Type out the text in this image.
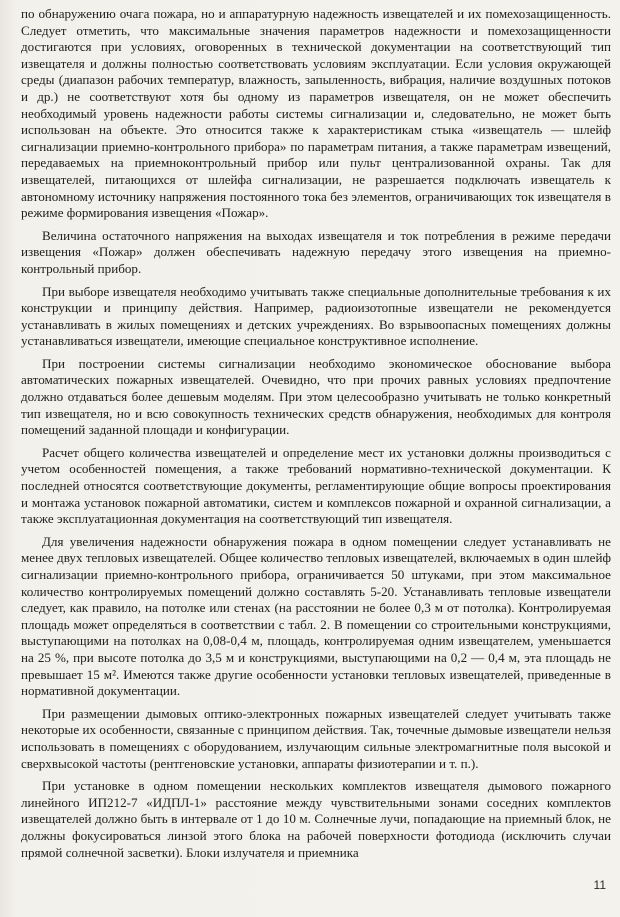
по обнаружению очага пожара, но и аппаратурную надежность извещателей и их помехозащищенность. Следует отметить, что максимальные значения параметров надежности и помехозащищенности достигаются при условиях, оговоренных в технической документации на соответствующий тип извещателя и должны полностью соответствовать условиям эксплуатации. Если условия окружающей среды (диапазон рабочих температур, влажность, запыленность, вибрация, наличие воздушных потоков и др.) не соответствуют хотя бы одному из параметров извещателя, он не может обеспечить необходимый уровень надежности работы системы сигнализации и, следовательно, не может быть использован на объекте. Это относится также к характеристикам стыка «извещатель — шлейф сигнализации приемно-контрольного прибора» по параметрам питания, а также параметрам извещений, передаваемых на приемноконтрольный прибор или пульт централизованной охраны. Так для извещателей, питающихся от шлейфа сигнализации, не разрешается подключать извещатель к автономному источнику напряжения постоянного тока без элементов, ограничивающих ток извещателя в режиме формирования извещения «Пожар».

Величина остаточного напряжения на выходах извещателя и ток потребления в режиме передачи извещения «Пожар» должен обеспечивать надежную передачу этого извещения на приемно-контрольный прибор.

При выборе извещателя необходимо учитывать также специальные дополнительные требования к их конструкции и принципу действия. Например, радиоизотопные извещатели не рекомендуется устанавливать в жилых помещениях и детских учреждениях. Во взрывоопасных помещениях должны устанавливаться извещатели, имеющие специальное конструктивное исполнение.

При построении системы сигнализации необходимо экономическое обоснование выбора автоматических пожарных извещателей. Очевидно, что при прочих равных условиях предпочтение должно отдаваться более дешевым моделям. При этом целесообразно учитывать не только конкретный тип извещателя, но и всю совокупность технических средств обнаружения, необходимых для контроля помещений заданной площади и конфигурации.

Расчет общего количества извещателей и определение мест их установки должны производиться с учетом особенностей помещения, а также требований нормативно-технической документации. К последней относятся соответствующие документы, регламентирующие общие вопросы проектирования и монтажа установок пожарной автоматики, систем и комплексов пожарной и охранной сигнализации, а также эксплуатационная документация на соответствующий тип извещателя.

Для увеличения надежности обнаружения пожара в одном помещении следует устанавливать не менее двух тепловых извещателей. Общее количество тепловых извещателей, включаемых в один шлейф сигнализации приемно-контрольного прибора, ограничивается 50 штуками, при этом максимальное количество контролируемых помещений должно составлять 5-20. Устанавливать тепловые извещатели следует, как правило, на потолке или стенах (на расстоянии не более 0,3 м от потолка). Контролируемая площадь может определяться в соответствии с табл. 2. В помещении со строительными конструкциями, выступающими на потолках на 0,08-0,4 м, площадь, контролируемая одним извещателем, уменьшается на 25 %, при высоте потолка до 3,5 м и конструкциями, выступающими на 0,2 — 0,4 м, эта площадь не превышает 15 м². Имеются также другие особенности установки тепловых извещателей, приведенные в нормативной документации.

При размещении дымовых оптико-электронных пожарных извещателей следует учитывать также некоторые их особенности, связанные с принципом действия. Так, точечные дымовые извещатели нельзя использовать в помещениях с оборудованием, излучающим сильные электромагнитные поля высокой и сверхвысокой частоты (рентгеновские установки, аппараты физиотерапии и т. п.).

При установке в одном помещении нескольких комплектов извещателя дымового пожарного линейного ИП212-7 «ИДПЛ-1» расстояние между чувствительными зонами соседних комплектов извещателей должно быть в интервале от 1 до 10 м. Солнечные лучи, попадающие на приемный блок, не должны фокусироваться линзой этого блока на рабочей поверхности фотодиода (исключить случаи прямой солнечной засветки). Блоки излучателя и приемника

11
